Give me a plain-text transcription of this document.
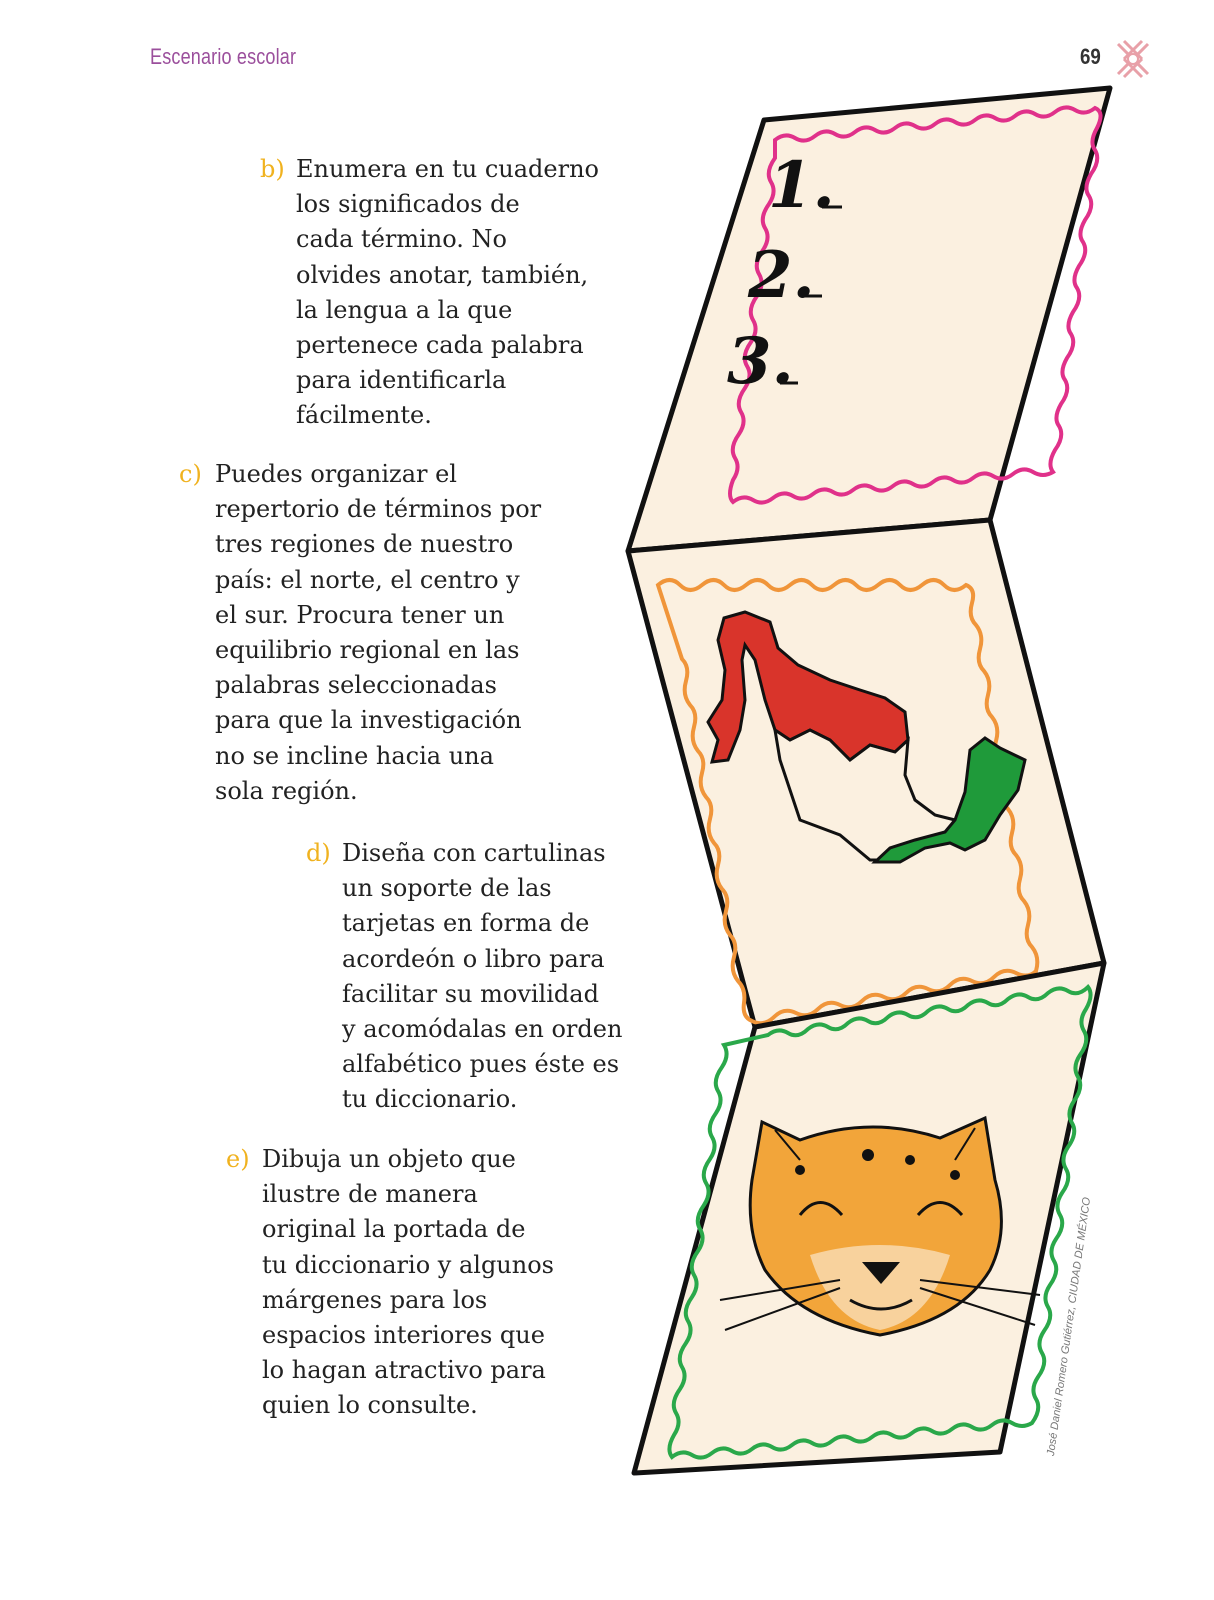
Escenario escolar	69
b) Enumera en tu cuaderno
los significados de
cada término. No
olvides anotar, también,
la lengua a la que
pertenece cada palabra
para identificarla
fácilmente.
c) Puedes organizar el
repertorio de términos por
tres regiones de nuestro
país: el norte, el centro y
el sur. Procura tener un
equilibrio regional en las
palabras seleccionadas
para que la investigación
no se incline hacia una
sola región.
d) Diseña con cartulinas
un soporte de las
tarjetas en forma de
acordeón o libro para
facilitar su movilidad
y acomódalas en orden
alfabético pues éste es
tu diccionario.
e) Dibuja un objeto que
ilustre de manera
original la portada de
tu diccionario y algunos
márgenes para los
espacios interiores que
lo hagan atractivo para
quien lo consulte.
1.
2.
3.
José Daniel Romero Gutiérrez, CIUDAD DE MÉXICO
